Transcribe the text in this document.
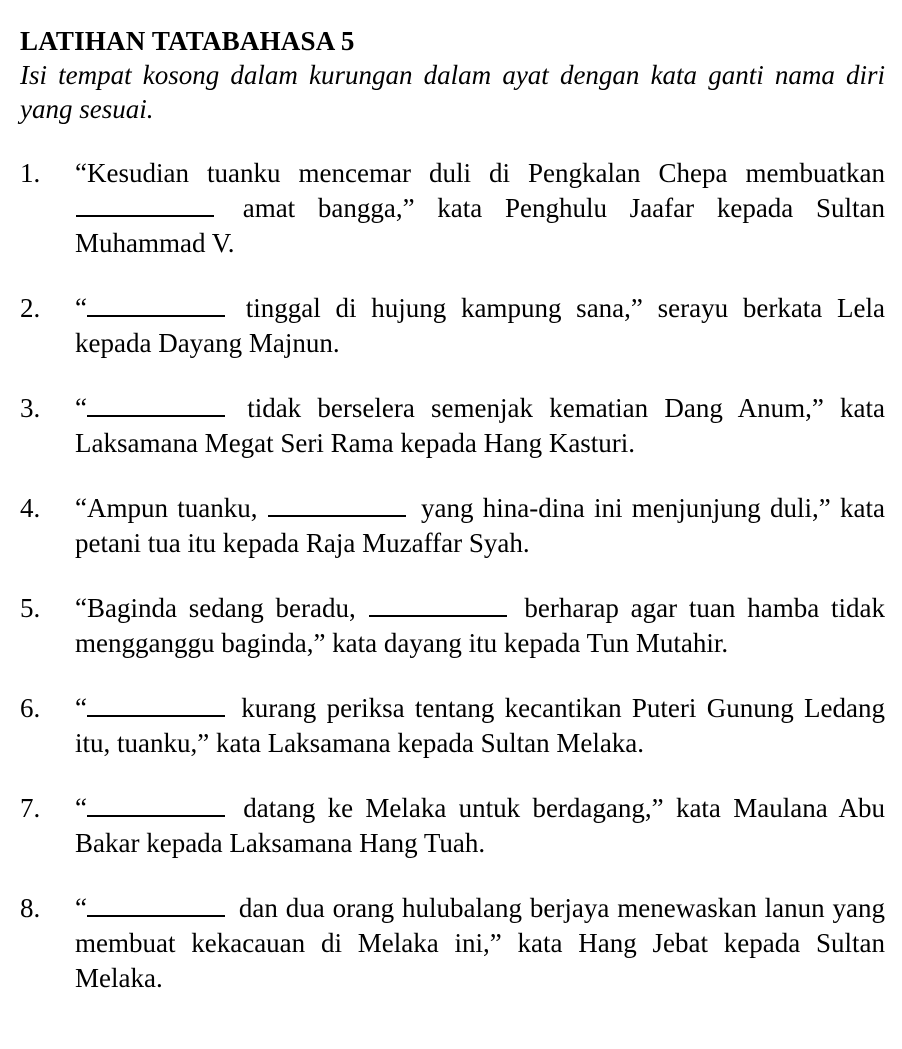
LATIHAN TATABAHASA 5

Isi tempat kosong dalam kurungan dalam ayat dengan kata ganti nama diri yang sesuai.

1. “Kesudian tuanku mencemar duli di Pengkalan Chepa membuatkan  amat bangga,” kata Penghulu Jaafar kepada Sultan Muhammad V.
2. “	tinggal di hujung kampung sana,” serayu berkata Lela kepada Dayang Majnun.
3. “	tidak berselera semenjak kematian Dang Anum,” kata Laksamana Megat Seri Rama kepada Hang Kasturi.
4. “Ampun tuanku,	yang hina-dina ini menjunjung duli,” kata petani tua itu kepada Raja Muzaffar Syah.
5. “Baginda sedang beradu,	berharap agar tuan hamba tidak mengganggu baginda,” kata dayang itu kepada Tun Mutahir.
6. “	kurang periksa tentang kecantikan Puteri Gunung Ledang itu, tuanku,” kata Laksamana kepada Sultan Melaka.
7. “	datang ke Melaka untuk berdagang,” kata Maulana Abu Bakar kepada Laksamana Hang Tuah.
8. “	dan dua orang hulubalang berjaya menewaskan lanun yang membuat kekacauan di Melaka ini,” kata Hang Jebat kepada Sultan Melaka.
